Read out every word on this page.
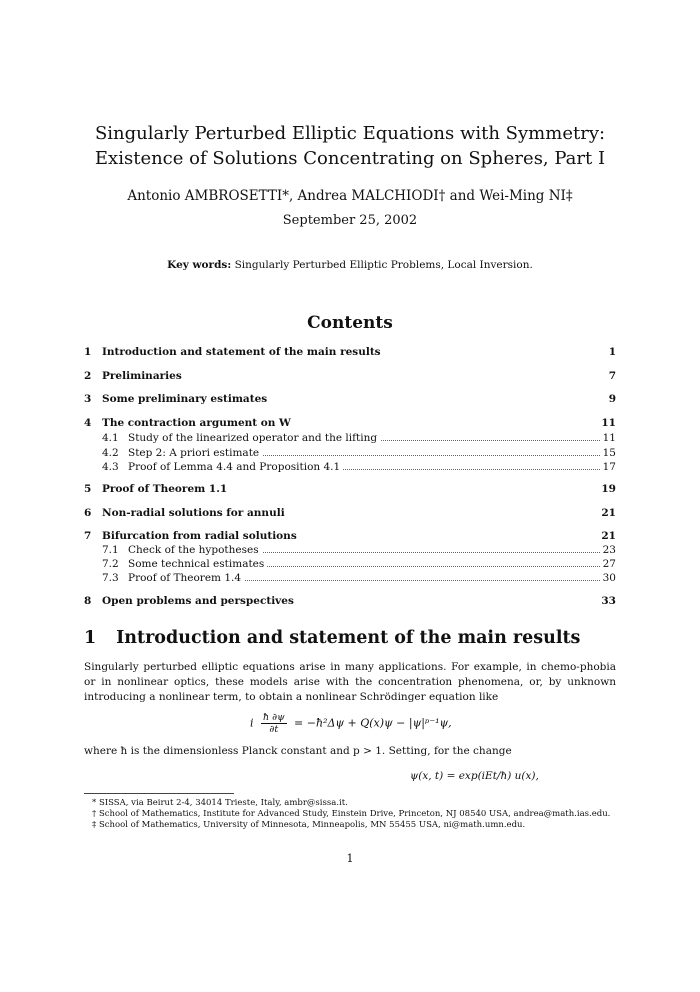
Singularly Perturbed Elliptic Equations with Symmetry:
Existence of Solutions Concentrating on Spheres, Part I
Antonio AMBROSETTI*, Andrea MALCHIODI† and Wei-Ming NI‡
September 25, 2002
Key words: Singularly Perturbed Elliptic Problems, Local Inversion.
Contents
1 Introduction and statement of the main results	1
2 Preliminaries	7
3 Some preliminary estimates	9
4 The contraction argument on W	11
4.1 Study of the linearized operator and the lifting	11
4.2 Step 2: A priori estimate	15
4.3 Proof of Lemma 4.4 and Proposition 4.1	17
5 Proof of Theorem 1.1	19
6 Non-radial solutions for annuli	21
7 Bifurcation from radial solutions	21
7.1 Check of the hypotheses	23
7.2 Some technical estimates	27
7.3 Proof of Theorem 1.4	30
8 Open problems and perspectives	33
1 Introduction and statement of the main results
Singularly perturbed elliptic equations arise in many applications. For example, in chemo-phobia or in nonlinear optics, these models arise with the concentration phenomena, or, by unknown introducing a nonlinear term, to obtain a nonlinear Schrödinger equation like
i $\frac{ħ \partial\psi}{\partial t}$ = −ħ²Δψ + Q(x)ψ − |ψ|ᵖ⁻¹ψ,
where ħ is the dimensionless Planck constant and p > 1. Setting, for the change
ψ(x, t) = exp(iEt/ħ) u(x),
* SISSA, via Beirut 2-4, 34014 Trieste, Italy, ambr@sissa.it.
† School of Mathematics, Institute for Advanced Study, Einstein Drive, Princeton, NJ 08540 USA, andrea@math.ias.edu.
‡ School of Mathematics, University of Minnesota, Minneapolis, MN 55455 USA, ni@math.umn.edu.
1
